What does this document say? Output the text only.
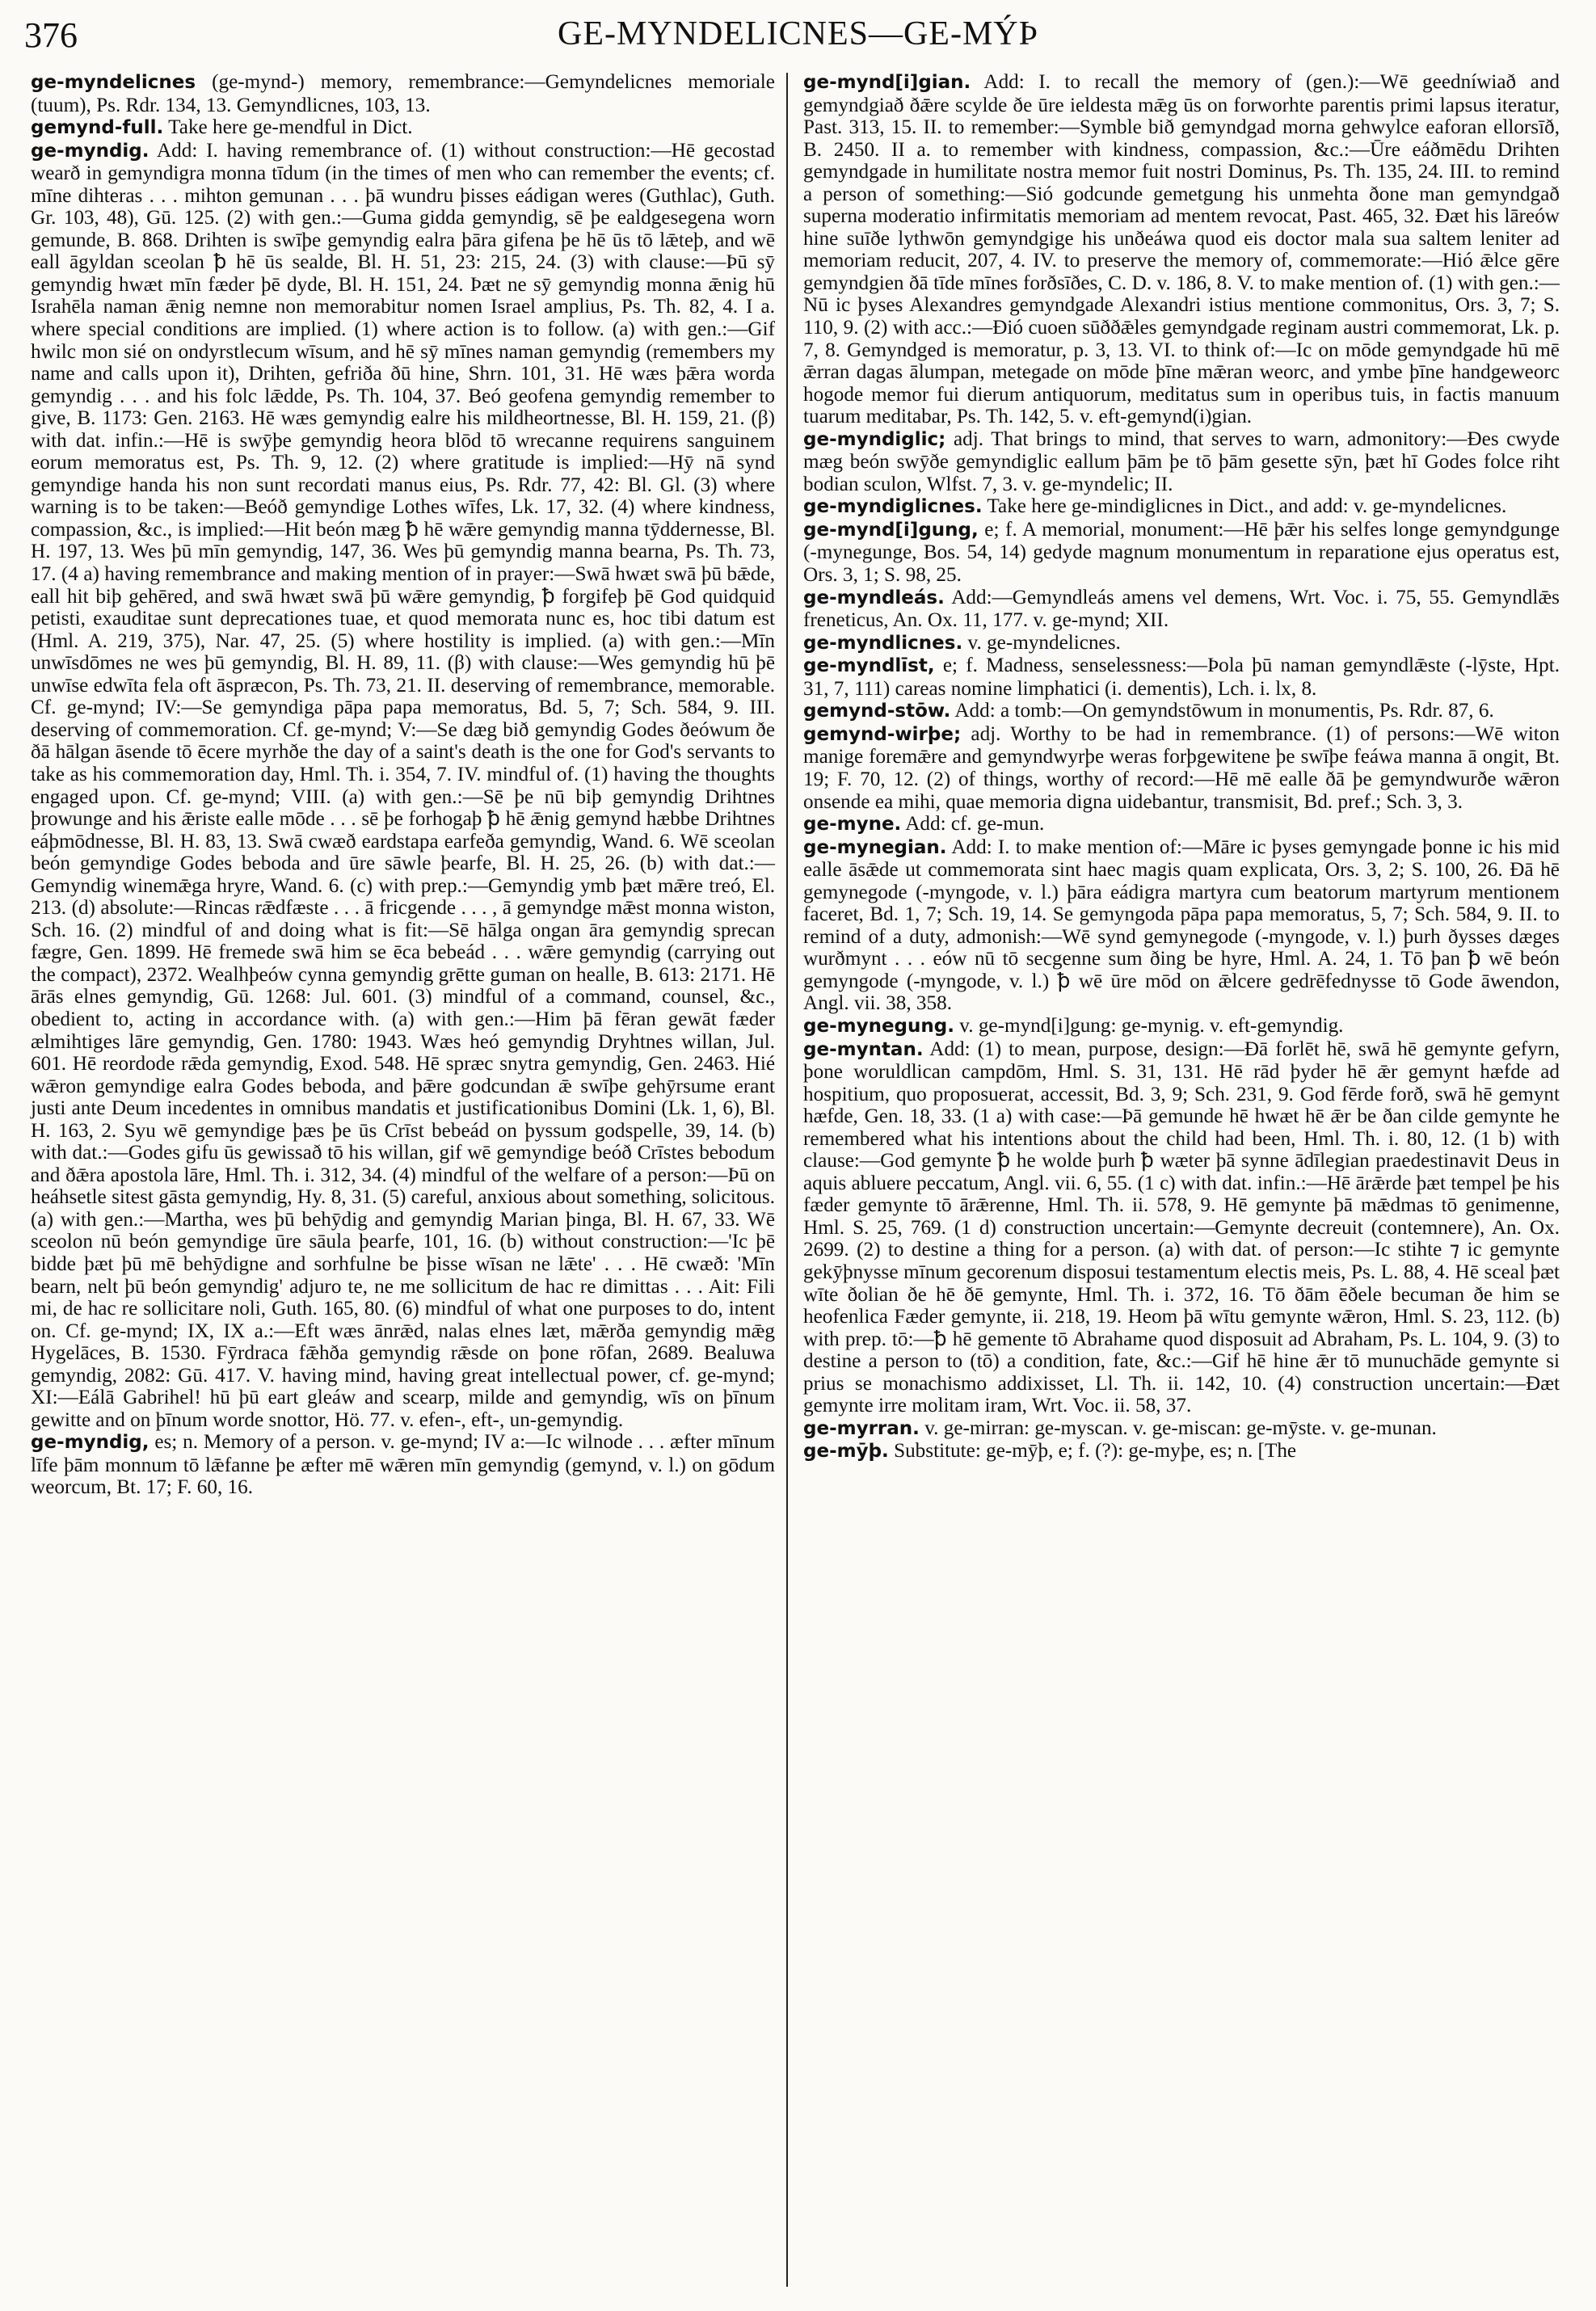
376	GE-MYNDELICNES—GE-MÝÞ

ge-myndelicnes (ge-mynd-) memory, remembrance:—Gemyndelicnes memoriale (tuum), Ps. Rdr. 134, 13. Gemyndlicnes, 103, 13.

gemynd-full. Take here ge-mendful in Dict.

ge-myndig. Add: I. having remembrance of. (1) without construction:—Hē gecostad wearð in gemyndigra monna tīdum (in the times of men who can remember the events; cf. mīne dihteras . . . mihton gemunan . . . þā wundru þisses eádigan weres (Guthlac), Guth. Gr. 103, 48), Gū. 125. (2) with gen.:—Guma gidda gemyndig, sē þe ealdgesegena worn gemunde, B. 868. Drihten is swīþe gemyndig ealra þāra gifena þe hē ūs tō lǣteþ, and wē eall āgyldan sceolan ꝥ hē ūs sealde, Bl. H. 51, 23: 215, 24. (3) with clause:—Þū sȳ gemyndig hwæt mīn fæder þē dyde, Bl. H. 151, 24. Þæt ne sȳ gemyndig monna ǣnig hū Israhēla naman ǣnig nemne non memorabitur nomen Israel amplius, Ps. Th. 82, 4. I a. where special conditions are implied. (1) where action is to follow. (a) with gen.:—Gif hwilc mon sié on ondyrstlecum wīsum, and hē sȳ mīnes naman gemyndig (remembers my name and calls upon it), Drihten, gefriða ðū hine, Shrn. 101, 31. Hē wæs þǣra worda gemyndig . . . and his folc lǣdde, Ps. Th. 104, 37. Beó geofena gemyndig remember to give, B. 1173: Gen. 2163. Hē wæs gemyndig ealre his mildheortnesse, Bl. H. 159, 21. (β) with dat. infin.:—Hē is swȳþe gemyndig heora blōd tō wrecanne requirens sanguinem eorum memoratus est, Ps. Th. 9, 12. (2) where gratitude is implied:—Hȳ nā synd gemyndige handa his non sunt recordati manus eius, Ps. Rdr. 77, 42: Bl. Gl. (3) where warning is to be taken:—Beóð gemyndige Lothes wīfes, Lk. 17, 32. (4) where kindness, compassion, &c., is implied:—Hit beón mæg ꝥ hē wǣre gemyndig manna tȳddernesse, Bl. H. 197, 13. Wes þū mīn gemyndig, 147, 36. Wes þū gemyndig manna bearna, Ps. Th. 73, 17. (4 a) having remembrance and making mention of in prayer:—Swā hwæt swā þū bǣde, eall hit biþ gehēred, and swā hwæt swā þū wǣre gemyndig, ꝥ forgifeþ þē God quidquid petisti, exauditae sunt deprecationes tuae, et quod memorata nunc es, hoc tibi datum est (Hml. A. 219, 375), Nar. 47, 25. (5) where hostility is implied. (a) with gen.:—Mīn unwīsdōmes ne wes þū gemyndig, Bl. H. 89, 11. (β) with clause:—Wes gemyndig hū þē unwīse edwīta fela oft āspræcon, Ps. Th. 73, 21. II. deserving of remembrance, memorable. Cf. ge-mynd; IV:—Se gemyndiga pāpa papa memoratus, Bd. 5, 7; Sch. 584, 9. III. deserving of commemoration. Cf. ge-mynd; V:—Se dæg bið gemyndig Godes ðeówum ðe ðā hālgan āsende tō ēcere myrhðe the day of a saint's death is the one for God's servants to take as his commemoration day, Hml. Th. i. 354, 7. IV. mindful of. (1) having the thoughts engaged upon. Cf. ge-mynd; VIII. (a) with gen.:—Sē þe nū biþ gemyndig Drihtnes þrowunge and his ǣriste ealle mōde . . . sē þe forhogaþ ꝥ hē ǣnig gemynd hæbbe Drihtnes eáþmōdnesse, Bl. H. 83, 13. Swā cwæð eardstapa earfeða gemyndig, Wand. 6. Wē sceolan beón gemyndige Godes beboda and ūre sāwle þearfe, Bl. H. 25, 26. (b) with dat.:—Gemyndig winemǣga hryre, Wand. 6. (c) with prep.:—Gemyndig ymb þæt mǣre treó, El. 213. (d) absolute:—Rincas rǣdfæste . . . ā fricgende . . . , ā gemyndge mǣst monna wiston, Sch. 16. (2) mindful of and doing what is fit:—Sē hālga ongan āra gemyndig sprecan fægre, Gen. 1899. Hē fremede swā him se ēca bebeád . . . wǣre gemyndig (carrying out the compact), 2372. Wealhþeów cynna gemyndig grētte guman on healle, B. 613: 2171. Hē ārās elnes gemyndig, Gū. 1268: Jul. 601. (3) mindful of a command, counsel, &c., obedient to, acting in accordance with. (a) with gen.:—Him þā fēran gewāt fæder ælmihtiges lāre gemyndig, Gen. 1780: 1943. Wæs heó gemyndig Dryhtnes willan, Jul. 601. Hē reordode rǣda gemyndig, Exod. 548. Hē spræc snytra gemyndig, Gen. 2463. Hié wǣron gemyndige ealra Godes beboda, and þǣre godcundan ǣ swīþe gehȳrsume erant justi ante Deum incedentes in omnibus mandatis et justificationibus Domini (Lk. 1, 6), Bl. H. 163, 2. Syu wē gemyndige þæs þe ūs Crīst bebeád on þyssum godspelle, 39, 14. (b) with dat.:—Godes gifu ūs gewissað tō his willan, gif wē gemyndige beóð Crīstes bebodum and ðǣra apostola lāre, Hml. Th. i. 312, 34. (4) mindful of the welfare of a person:—Þū on heáhsetle sitest gāsta gemyndig, Hy. 8, 31. (5) careful, anxious about something, solicitous. (a) with gen.:—Martha, wes þū behȳdig and gemyndig Marian þinga, Bl. H. 67, 33. Wē sceolon nū beón gemyndige ūre sāula þearfe, 101, 16. (b) without construction:—'Ic þē bidde þæt þū mē behȳdigne and sorhfulne be þisse wīsan ne lǣte' . . . Hē cwæð: 'Mīn bearn, nelt þū beón gemyndig' adjuro te, ne me sollicitum de hac re dimittas . . . Ait: Fili mi, de hac re sollicitare noli, Guth. 165, 80. (6) mindful of what one purposes to do, intent on. Cf. ge-mynd; IX, IX a.:—Eft wæs ānrǣd, nalas elnes læt, mǣrða gemyndig mǣg Hygelāces, B. 1530. Fȳrdraca fǣhða gemyndig rǣsde on þone rōfan, 2689. Bealuwa gemyndig, 2082: Gū. 417. V. having mind, having great intellectual power, cf. ge-mynd; XI:—Eálā Gabrihel! hū þū eart gleáw and scearp, milde and gemyndig, wīs on þīnum gewitte and on þīnum worde snottor, Hö. 77. v. efen-, eft-, un-gemyndig.

ge-myndig, es; n. Memory of a person. v. ge-mynd; IV a:—Ic wilnode . . . æfter mīnum līfe þām monnum tō lǣfanne þe æfter mē wǣren mīn gemyndig (gemynd, v. l.) on gōdum weorcum, Bt. 17; F. 60, 16.

ge-mynd[i]gian. Add: I. to recall the memory of (gen.):—Wē geedníwiað and gemyndgiað ðǣre scylde ðe ūre ieldesta mǣg ūs on forworhte parentis primi lapsus iteratur, Past. 313, 15. II. to remember:—Symble bið gemyndgad morna gehwylce eaforan ellorsīð, B. 2450. II a. to remember with kindness, compassion, &c.:—Ūre eáðmēdu Drihten gemyndgade in humilitate nostra memor fuit nostri Dominus, Ps. Th. 135, 24. III. to remind a person of something:—Sió godcunde gemetgung his unmehta ðone man gemyndgað superna moderatio infirmitatis memoriam ad mentem revocat, Past. 465, 32. Ðæt his lāreów hine suīðe lythwōn gemyndgige his unðeáwa quod eis doctor mala sua saltem leniter ad memoriam reducit, 207, 4. IV. to preserve the memory of, commemorate:—Hió ǣlce gēre gemyndgien ðā tīde mīnes forðsīðes, C. D. v. 186, 8. V. to make mention of. (1) with gen.:—Nū ic þyses Alexandres gemyndgade Alexandri istius mentione commonitus, Ors. 3, 7; S. 110, 9. (2) with acc.:—Ðió cuoen sūððǣles gemyndgade reginam austri commemorat, Lk. p. 7, 8. Gemyndged is memoratur, p. 3, 13. VI. to think of:—Ic on mōde gemyndgade hū mē ǣrran dagas ālumpan, metegade on mōde þīne mǣran weorc, and ymbe þīne handgeweorc hogode memor fui dierum antiquorum, meditatus sum in operibus tuis, in factis manuum tuarum meditabar, Ps. Th. 142, 5. v. eft-gemynd(i)gian.

ge-myndiglic; adj. That brings to mind, that serves to warn, admonitory:—Ðes cwyde mæg beón swȳðe gemyndiglic eallum þām þe tō þām gesette sȳn, þæt hī Godes folce riht bodian sculon, Wlfst. 7, 3. v. ge-myndelic; II.

ge-myndiglicnes. Take here ge-mindiglicnes in Dict., and add: v. ge-myndelicnes.

ge-mynd[i]gung, e; f. A memorial, monument:—Hē þǣr his selfes longe gemyndgunge (-mynegunge, Bos. 54, 14) gedyde magnum monumentum in reparatione ejus operatus est, Ors. 3, 1; S. 98, 25.

ge-myndleás. Add:—Gemyndleás amens vel demens, Wrt. Voc. i. 75, 55. Gemyndlǣs freneticus, An. Ox. 11, 177. v. ge-mynd; XII.

ge-myndlicnes. v. ge-myndelicnes.

ge-myndlīst, e; f. Madness, senselessness:—Þola þū naman gemyndlǣste (-lȳste, Hpt. 31, 7, 111) careas nomine limphatici (i. dementis), Lch. i. lx, 8.

gemynd-stōw. Add: a tomb:—On gemyndstōwum in monumentis, Ps. Rdr. 87, 6.

gemynd-wirþe; adj. Worthy to be had in remembrance. (1) of persons:—Wē witon manige foremǣre and gemyndwyrþe weras forþgewitene þe swīþe feáwa manna ā ongit, Bt. 19; F. 70, 12. (2) of things, worthy of record:—Hē mē ealle ðā þe gemyndwurðe wǣron onsende ea mihi, quae memoria digna uidebantur, transmisit, Bd. pref.; Sch. 3, 3.

ge-myne. Add: cf. ge-mun.

ge-mynegian. Add: I. to make mention of:—Māre ic þyses gemyngade þonne ic his mid ealle āsǣde ut commemorata sint haec magis quam explicata, Ors. 3, 2; S. 100, 26. Ðā hē gemynegode (-myngode, v. l.) þāra eádigra martyra cum beatorum martyrum mentionem faceret, Bd. 1, 7; Sch. 19, 14. Se gemyngoda pāpa papa memoratus, 5, 7; Sch. 584, 9. II. to remind of a duty, admonish:—Wē synd gemynegode (-myngode, v. l.) þurh ðysses dæges wurðmynt . . . eów nū tō secgenne sum ðing be hyre, Hml. A. 24, 1. Tō þan ꝥ wē beón gemyngode (-myngode, v. l.) ꝥ wē ūre mōd on ǣlcere gedrēfednysse tō Gode āwendon, Angl. vii. 38, 358.

ge-mynegung. v. ge-mynd[i]gung: ge-mynig. v. eft-gemyndig.

ge-myntan. Add: (1) to mean, purpose, design:—Ðā forlēt hē, swā hē gemynte gefyrn, þone woruldlican campdōm, Hml. S. 31, 131. Hē rād þyder hē ǣr gemynt hæfde ad hospitium, quo proposuerat, accessit, Bd. 3, 9; Sch. 231, 9. God fērde forð, swā hē gemynt hæfde, Gen. 18, 33. (1 a) with case:—Þā gemunde hē hwæt hē ǣr be ðan cilde gemynte he remembered what his intentions about the child had been, Hml. Th. i. 80, 12. (1 b) with clause:—God gemynte ꝥ he wolde þurh ꝥ wæter þā synne ādīlegian praedestinavit Deus in aquis abluere peccatum, Angl. vii. 6, 55. (1 c) with dat. infin.:—Hē ārǣrde þæt tempel þe his fæder gemynte tō ārǣrenne, Hml. Th. ii. 578, 9. Hē gemynte þā mǣdmas tō genimenne, Hml. S. 25, 769. (1 d) construction uncertain:—Gemynte decreuit (contemnere), An. Ox. 2699. (2) to destine a thing for a person. (a) with dat. of person:—Ic stihte ⁊ ic gemynte gekȳþnysse mīnum gecorenum disposui testamentum electis meis, Ps. L. 88, 4. Hē sceal þæt wīte ðolian ðe hē ðē gemynte, Hml. Th. i. 372, 16. Tō ðām ēðele becuman ðe him se heofenlica Fæder gemynte, ii. 218, 19. Heom þā wītu gemynte wǣron, Hml. S. 23, 112. (b) with prep. tō:—ꝥ hē gemente tō Abrahame quod disposuit ad Abraham, Ps. L. 104, 9. (3) to destine a person to (tō) a condition, fate, &c.:—Gif hē hine ǣr tō munuchāde gemynte si prius se monachismo addixisset, Ll. Th. ii. 142, 10. (4) construction uncertain:—Ðæt gemynte irre molitam iram, Wrt. Voc. ii. 58, 37.

ge-myrran. v. ge-mirran: ge-myscan. v. ge-miscan: ge-mȳste. v. ge-munan.

ge-mȳþ. Substitute: ge-mȳþ, e; f. (?): ge-myþe, es; n. [The
